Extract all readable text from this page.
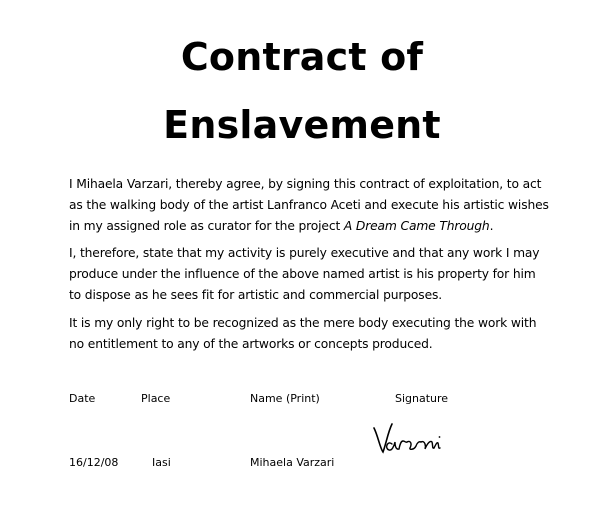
Contract of
Enslavement
I Mihaela Varzari, thereby agree, by signing this contract of exploitation, to act
as the walking body of the artist Lanfranco Aceti and execute his artistic wishes
in my assigned role as curator for the project A Dream Came Through.
I, therefore, state that my activity is purely executive and that any work I may
produce under the influence of the above named artist is his property for him
to dispose as he sees fit for artistic and commercial purposes.
It is my only right to be recognized as the mere body executing the work with
no entitlement to any of the artworks or concepts produced.
Date	Place	Name (Print)	Signature
16/12/08	Iasi	Mihaela Varzari
